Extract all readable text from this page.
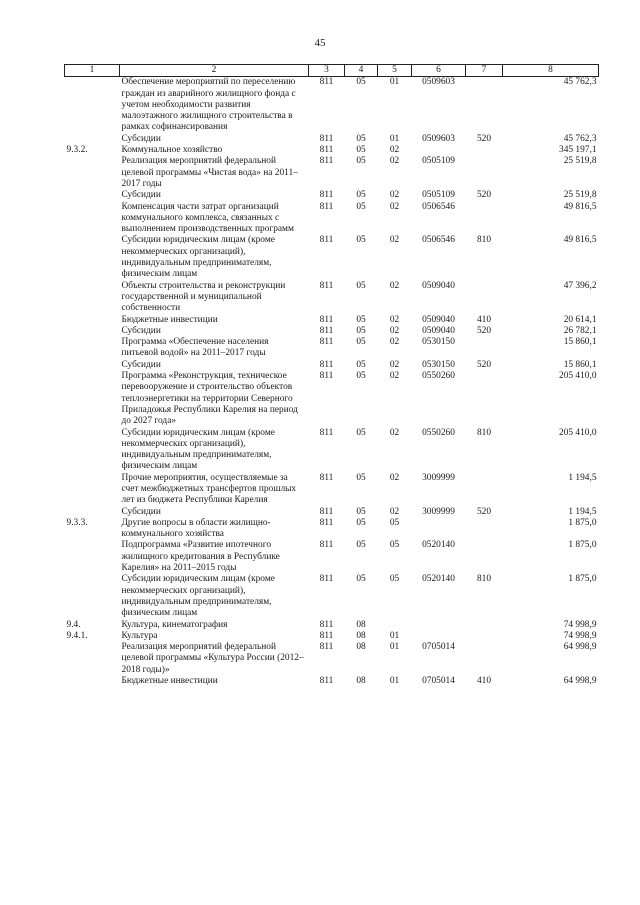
45
1	2	3	4	5	6	7	8
	Обеспечение мероприятий по переселению граждан из аварийного жилищного фонда с учетом необходимости развития малоэтажного жилищного строительства в рамках софинансирования	811	05	01	0509603		45 762,3
	Субсидии	811	05	01	0509603	520	45 762,3
9.3.2.	Коммунальное хозяйство	811	05	02			345 197,1
	Реализация мероприятий федеральной целевой программы «Чистая вода» на 2011–2017 годы	811	05	02	0505109		25 519,8
	Субсидии	811	05	02	0505109	520	25 519,8
	Компенсация части затрат организаций коммунального комплекса, связанных с выполнением производственных программ	811	05	02	0506546		49 816,5
	Субсидии юридическим лицам (кроме некоммерческих организаций), индивидуальным предпринимателям, физическим лицам	811	05	02	0506546	810	49 816,5
	Объекты строительства и реконструкции государственной и муниципальной собственности	811	05	02	0509040		47 396,2
	Бюджетные инвестиции	811	05	02	0509040	410	20 614,1
	Субсидии	811	05	02	0509040	520	26 782,1
	Программа «Обеспечение населения питьевой водой» на 2011–2017 годы	811	05	02	0530150		15 860,1
	Субсидии	811	05	02	0530150	520	15 860,1
	Программа «Реконструкция, техническое перевооружение и строительство объектов теплоэнергетики на территории Северного Приладожья Республики Карелия на период до 2027 года»	811	05	02	0550260		205 410,0
	Субсидии юридическим лицам (кроме некоммерческих организаций), индивидуальным предпринимателям, физическим лицам	811	05	02	0550260	810	205 410,0
	Прочие мероприятия, осуществляемые за счет межбюджетных трансфертов прошлых лет из бюджета Республики Карелия	811	05	02	3009999		1 194,5
	Субсидии	811	05	02	3009999	520	1 194,5
9.3.3.	Другие вопросы в области жилищно-коммунального хозяйства	811	05	05			1 875,0
	Подпрограмма «Развитие ипотечного жилищного кредитования в Республике Карелия» на 2011–2015 годы	811	05	05	0520140		1 875,0
	Субсидии юридическим лицам (кроме некоммерческих организаций), индивидуальным предпринимателям, физическим лицам	811	05	05	0520140	810	1 875,0
9.4.	Культура, кинематография	811	08				74 998,9
9.4.1.	Культура	811	08	01			74 998,9
	Реализация мероприятий федеральной целевой программы «Культура России (2012–2018 годы)»	811	08	01	0705014		64 998,9
	Бюджетные инвестиции	811	08	01	0705014	410	64 998,9
